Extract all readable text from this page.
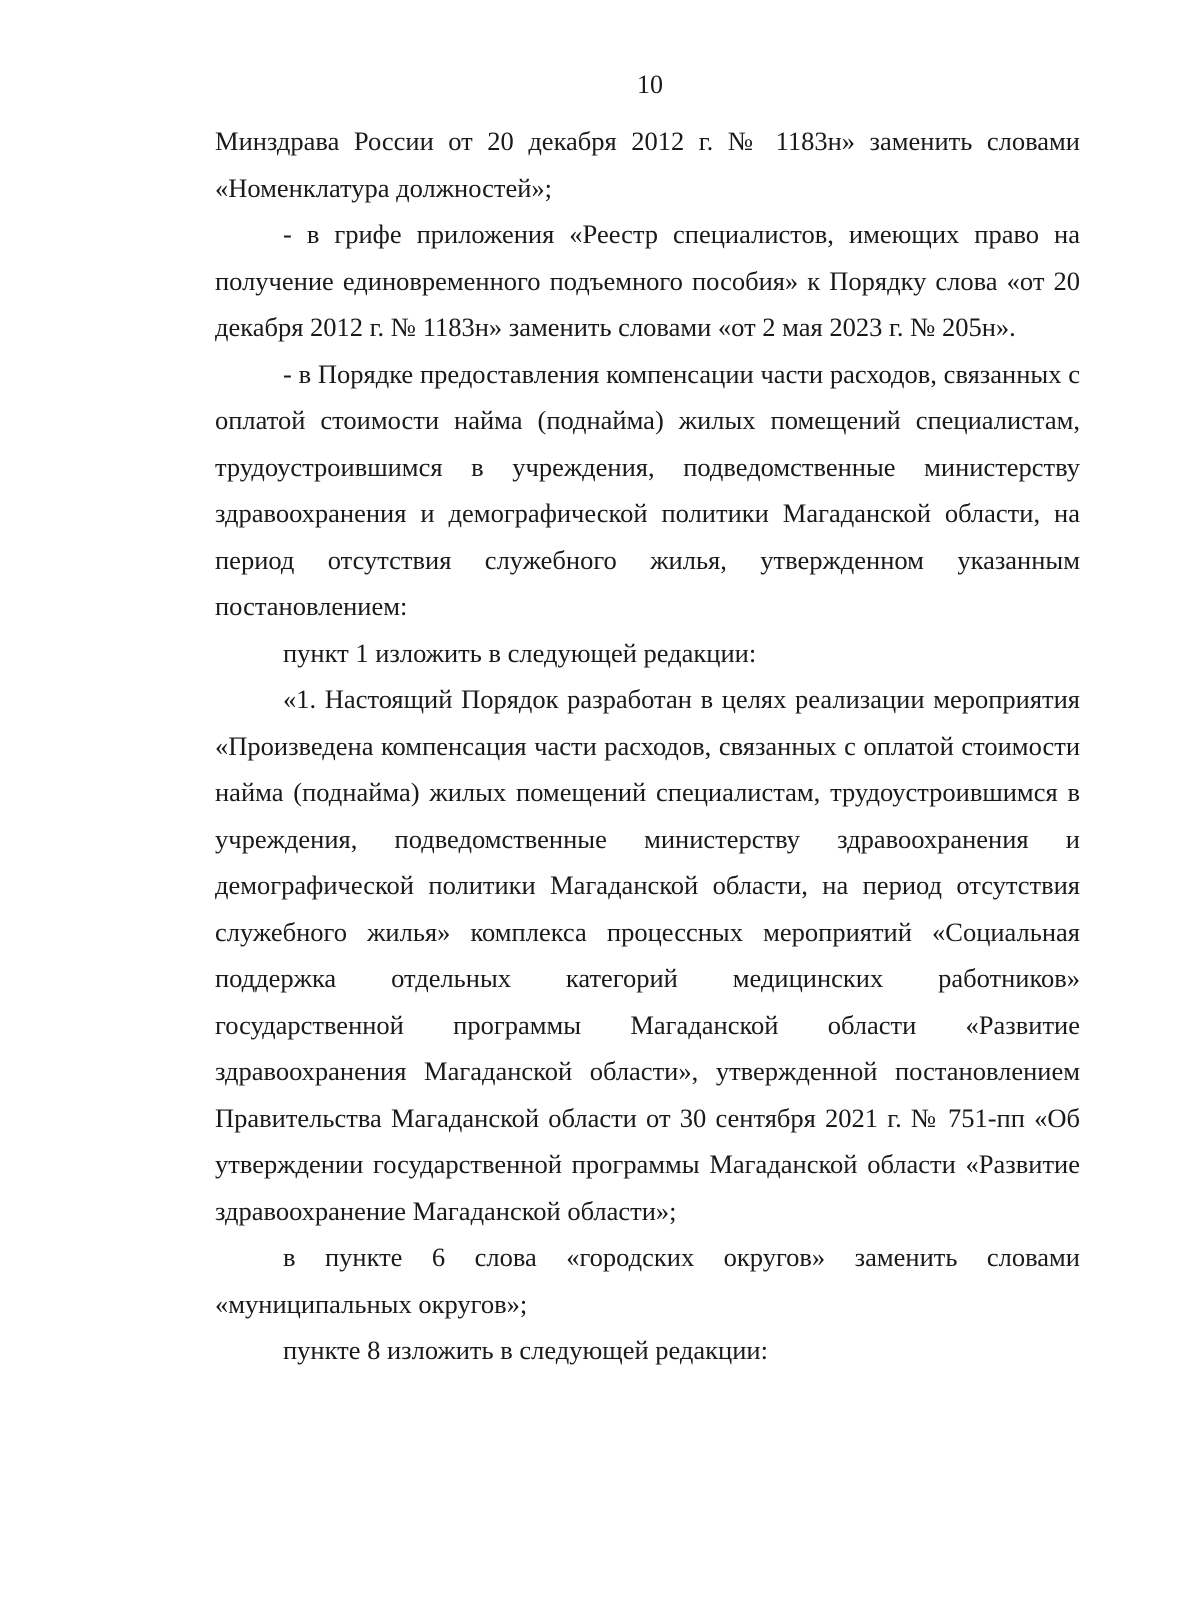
10

Минздрава России от 20 декабря 2012 г. № 1183н» заменить словами «Номенклатура должностей»;

- в грифе приложения «Реестр специалистов, имеющих право на получение единовременного подъемного пособия» к Порядку слова «от 20 декабря 2012 г. № 1183н» заменить словами «от 2 мая 2023 г. № 205н».

- в Порядке предоставления компенсации части расходов, связанных с оплатой стоимости найма (поднайма) жилых помещений специалистам, трудоустроившимся в учреждения, подведомственные министерству здравоохранения и демографической политики Магаданской области, на период отсутствия служебного жилья, утвержденном указанным постановлением:

пункт 1 изложить в следующей редакции:

«1. Настоящий Порядок разработан в целях реализации мероприятия «Произведена компенсация части расходов, связанных с оплатой стоимости найма (поднайма) жилых помещений специалистам, трудоустроившимся в учреждения, подведомственные министерству здравоохранения и демографической политики Магаданской области, на период отсутствия служебного жилья» комплекса процессных мероприятий «Социальная поддержка отдельных категорий медицинских работников» государственной программы Магаданской области «Развитие здравоохранения Магаданской области», утвержденной постановлением Правительства Магаданской области от 30 сентября 2021 г. № 751-пп «Об утверждении государственной программы Магаданской области «Развитие здравоохранение Магаданской области»;

в пункте 6 слова «городских округов» заменить словами «муниципальных округов»;

пункте 8 изложить в следующей редакции:
